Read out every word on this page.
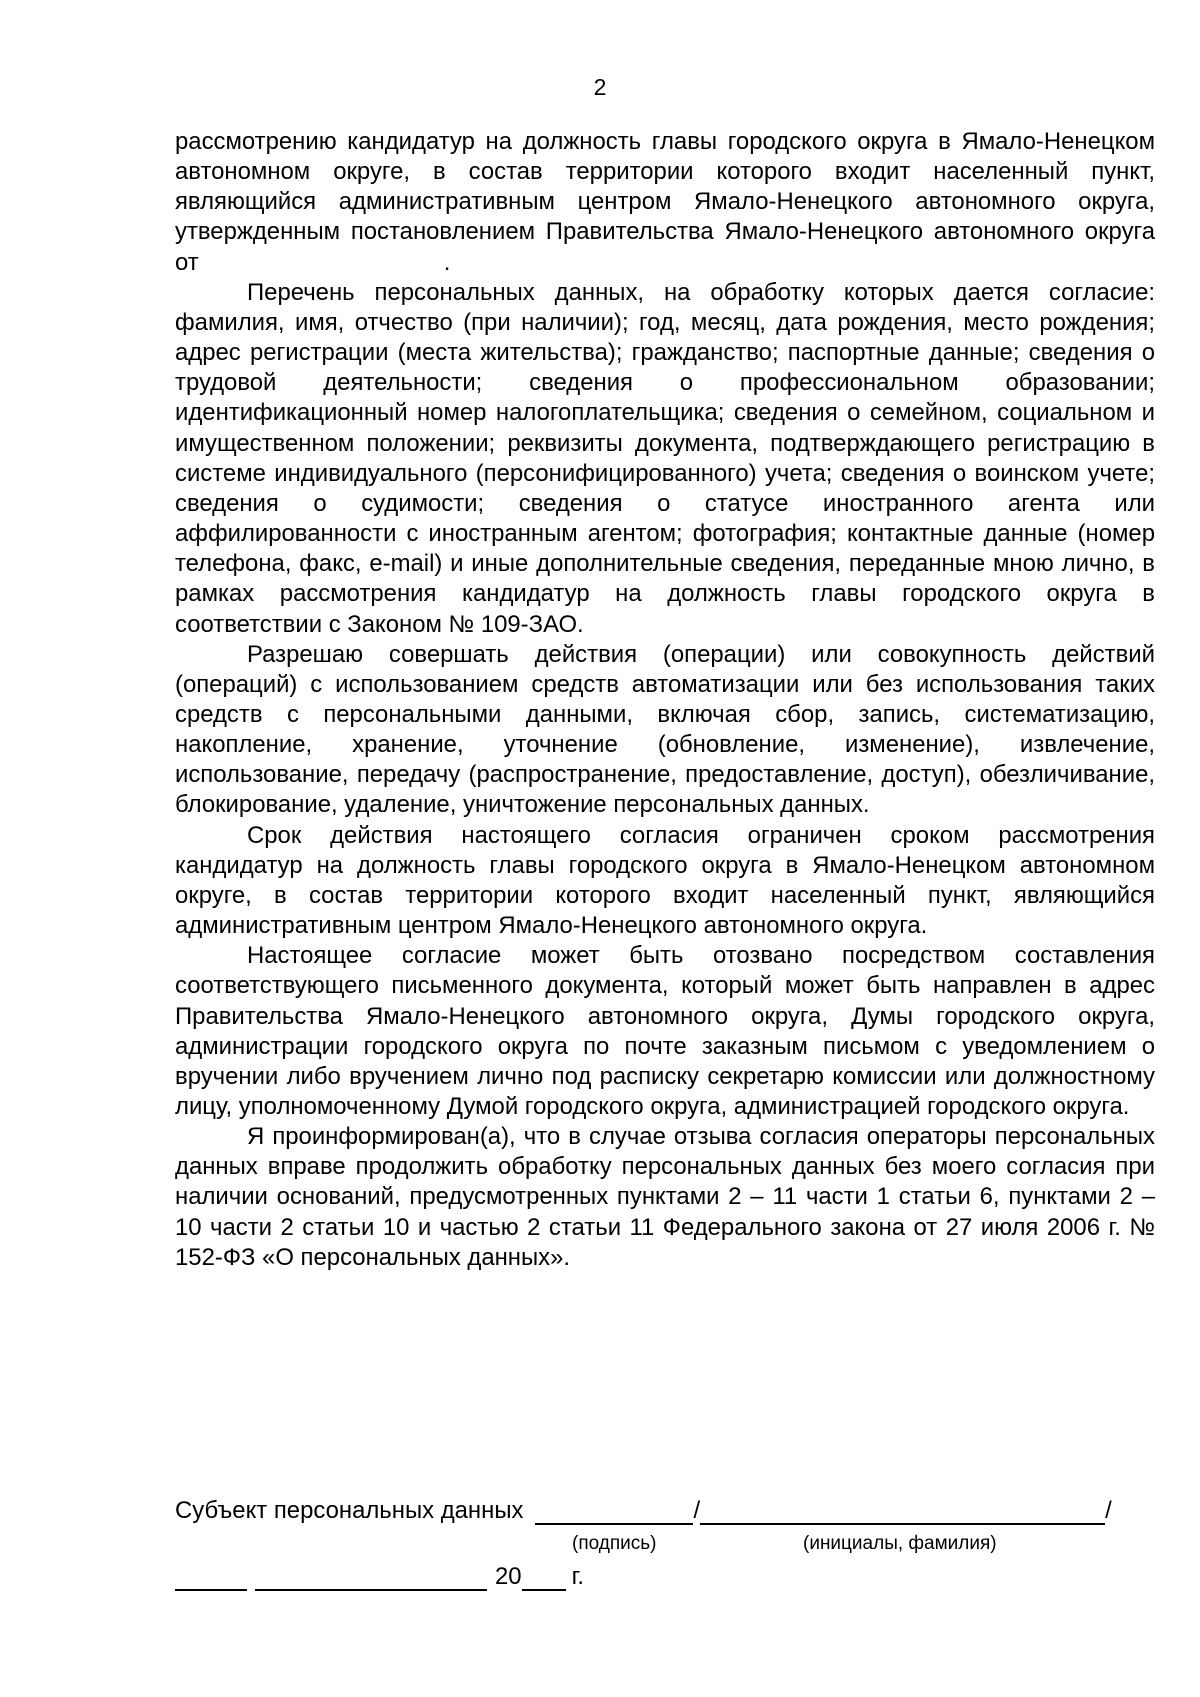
2

рассмотрению кандидатур на должность главы городского округа в Ямало-Ненецком автономном округе, в состав территории которого входит населенный пункт, являющийся административным центром Ямало-Ненецкого автономного округа, утвержденным постановлением Правительства Ямало-Ненецкого автономного округа от	.

Перечень персональных данных, на обработку которых дается согласие: фамилия, имя, отчество (при наличии); год, месяц, дата рождения, место рождения; адрес регистрации (места жительства); гражданство; паспортные данные; сведения о трудовой деятельности; сведения о профессиональном образовании; идентификационный номер налогоплательщика; сведения о семейном, социальном и имущественном положении; реквизиты документа, подтверждающего регистрацию в системе индивидуального (персонифицированного) учета; сведения о воинском учете; сведения о судимости; сведения о статусе иностранного агента или аффилированности с иностранным агентом; фотография; контактные данные (номер телефона, факс, e-mail) и иные дополнительные сведения, переданные мною лично, в рамках рассмотрения кандидатур на должность главы городского округа в соответствии с Законом № 109-ЗАО.

Разрешаю совершать действия (операции) или совокупность действий (операций) с использованием средств автоматизации или без использования таких средств с персональными данными, включая сбор, запись, систематизацию, накопление, хранение, уточнение (обновление, изменение), извлечение, использование, передачу (распространение, предоставление, доступ), обезличивание, блокирование, удаление, уничтожение персональных данных.

Срок действия настоящего согласия ограничен сроком рассмотрения кандидатур на должность главы городского округа в Ямало-Ненецком автономном округе, в состав территории которого входит населенный пункт, являющийся административным центром Ямало-Ненецкого автономного округа.

Настоящее согласие может быть отозвано посредством составления соответствующего письменного документа, который может быть направлен в адрес Правительства Ямало-Ненецкого автономного округа, Думы городского округа, администрации городского округа по почте заказным письмом с уведомлением о вручении либо вручением лично под расписку секретарю комиссии или должностному лицу, уполномоченному Думой городского округа, администрацией городского округа.

Я проинформирован(а), что в случае отзыва согласия операторы персональных данных вправе продолжить обработку персональных данных без моего согласия при наличии оснований, предусмотренных пунктами 2 – 11 части 1 статьи 6, пунктами 2 – 10 части 2 статьи 10 и частью 2 статьи 11 Федерального закона от 27 июля 2006 г. № 152-ФЗ «О персональных данных».

Субъект персональных данных	/	/
(подпись)	(инициалы, фамилия)
20 г.
